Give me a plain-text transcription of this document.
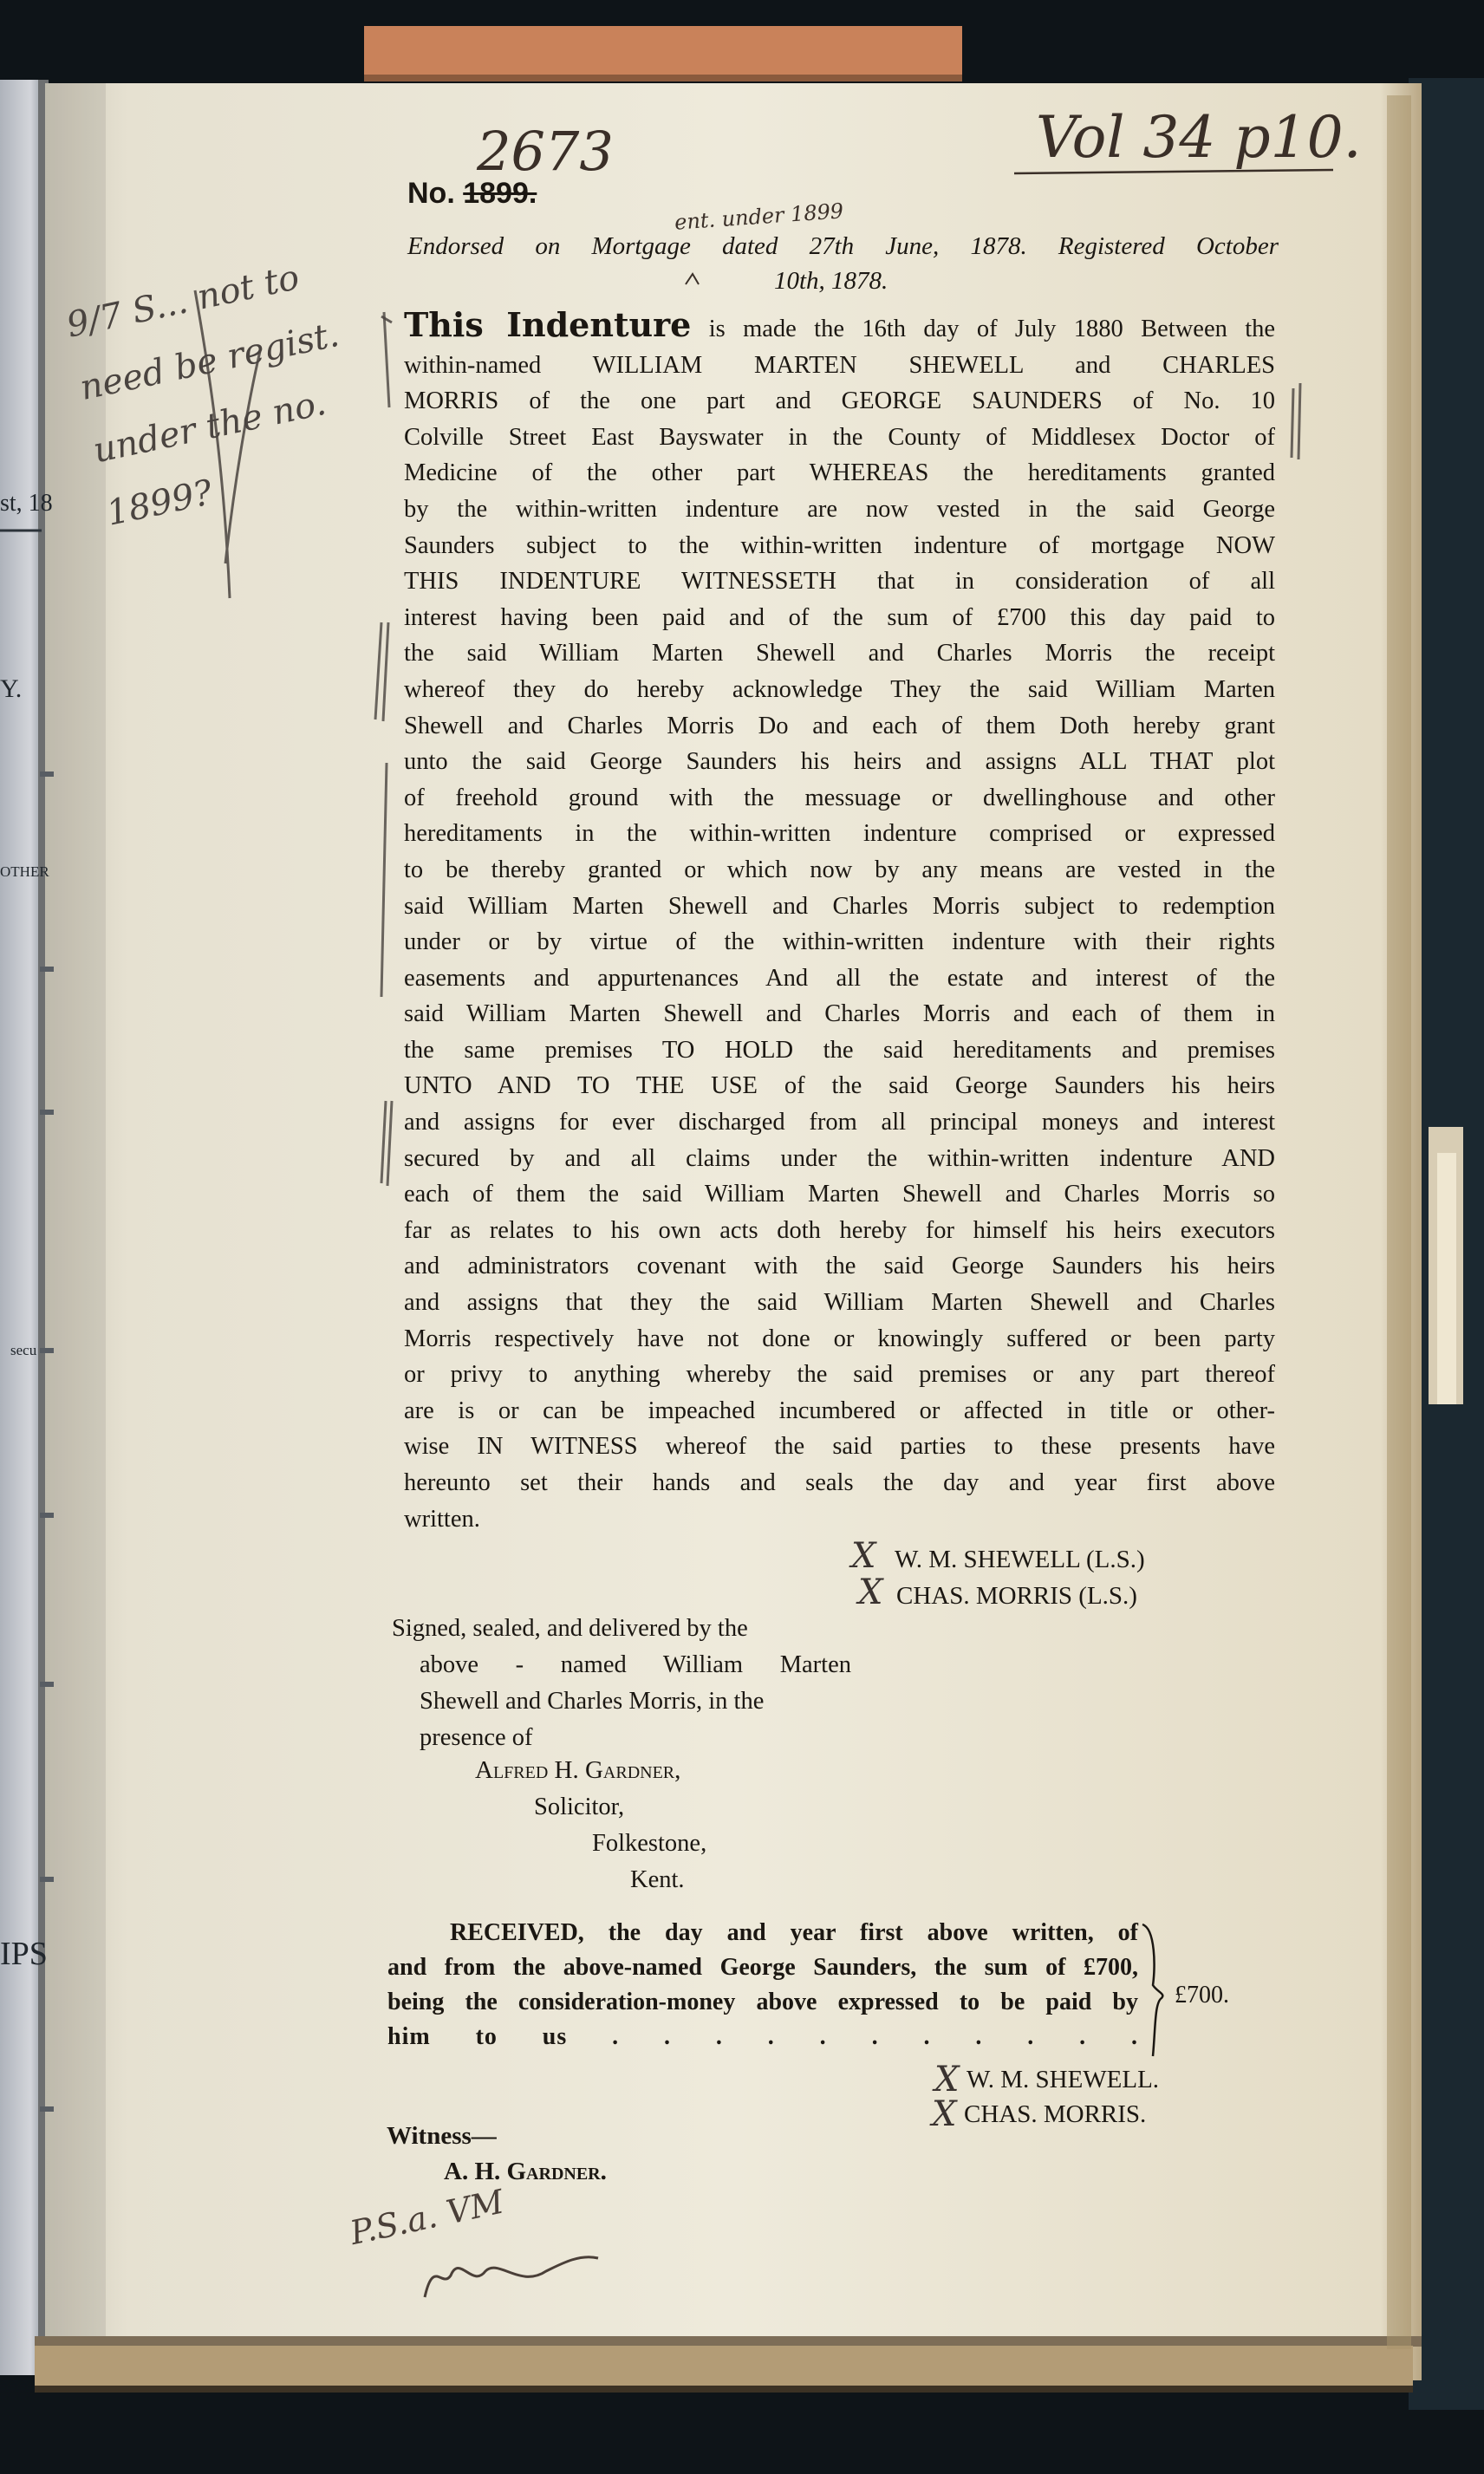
st, 18

Y.

OTHER

secu

IPS

2673	Vol 34 p10.

ent. under 1899

9/7 S... not to need be regist. under the no. 1899?

P.S.a. VM

No. 1899.

Endorsed on Mortgage dated 27th June, 1878. Registered October

10th, 1878.

This Indenture is made the 16th day of July 1880 Between the
within-named WILLIAM MARTEN SHEWELL and CHARLES
MORRIS of the one part and GEORGE SAUNDERS of No. 10
Colville Street East Bayswater in the County of Middlesex Doctor of
Medicine of the other part WHEREAS the hereditaments granted
by the within-written indenture are now vested in the said George
Saunders subject to the within-written indenture of mortgage NOW
THIS INDENTURE WITNESSETH that in consideration of all
interest having been paid and of the sum of £700 this day paid to
the said William Marten Shewell and Charles Morris the receipt
whereof they do hereby acknowledge They the said William Marten
Shewell and Charles Morris Do and each of them Doth hereby grant
unto the said George Saunders his heirs and assigns ALL THAT plot
of freehold ground with the messuage or dwellinghouse and other
hereditaments in the within-written indenture comprised or expressed
to be thereby granted or which now by any means are vested in the
said William Marten Shewell and Charles Morris subject to redemption
under or by virtue of the within-written indenture with their rights
easements and appurtenances And all the estate and interest of the
said William Marten Shewell and Charles Morris and each of them in
the same premises TO HOLD the said hereditaments and premises
UNTO AND TO THE USE of the said George Saunders his heirs
and assigns for ever discharged from all principal moneys and interest
secured by and all claims under the within-written indenture AND
each of them the said William Marten Shewell and Charles Morris so
far as relates to his own acts doth hereby for himself his heirs executors
and administrators covenant with the said George Saunders his heirs
and assigns that they the said William Marten Shewell and Charles
Morris respectively have not done or knowingly suffered or been party
or privy to anything whereby the said premises or any part thereof
are is or can be impeached incumbered or affected in title or other-
wise IN WITNESS whereof the said parties to these presents have
hereunto set their hands and seals the day and year first above
written.

X W. M. SHEWELL (L.S.)

X CHAS. MORRIS (L.S.)

Signed, sealed, and delivered by the
above - named William Marten
Shewell and Charles Morris, in the
presence of

Alfred H. Gardner,

Solicitor,

Folkestone,

Kent.

RECEIVED, the day and year first above written, of
and from the above-named George Saunders, the sum of £700,
being the consideration-money above expressed to be paid by
him to us . . . . . . . . . . .

£700.

X W. M. SHEWELL.

X CHAS. MORRIS.

Witness—

A. H. Gardner.
